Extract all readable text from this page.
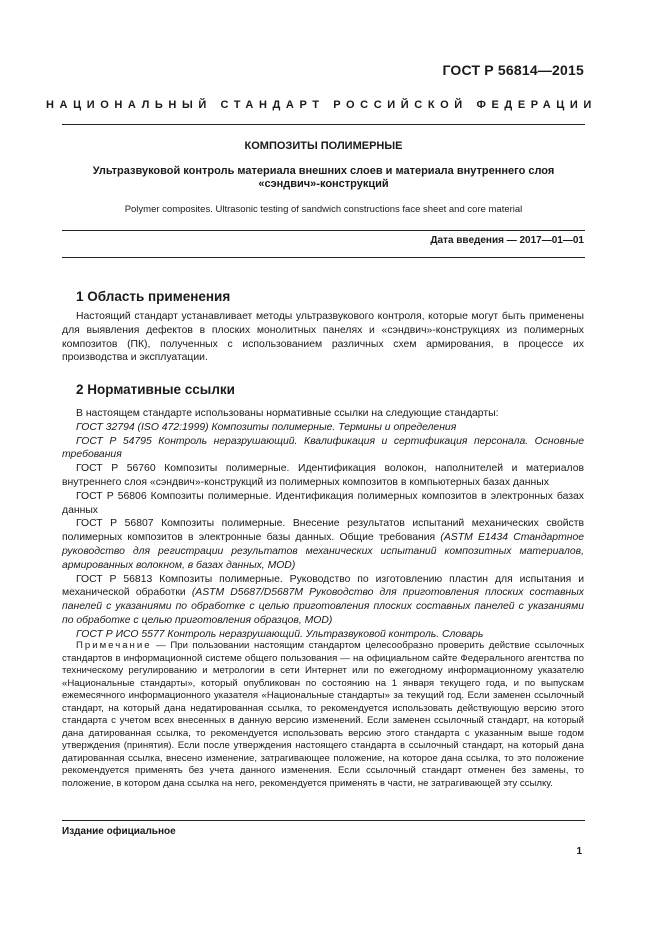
ГОСТ Р 56814—2015
НАЦИОНАЛЬНЫЙ СТАНДАРТ РОССИЙСКОЙ ФЕДЕРАЦИИ
КОМПОЗИТЫ ПОЛИМЕРНЫЕ
Ультразвуковой контроль материала внешних слоев и материала внутреннего слоя «сэндвич»-конструкций
Polymer composites. Ultrasonic testing of sandwich constructions face sheet and core material
Дата введения — 2017—01—01
1 Область применения
Настоящий стандарт устанавливает методы ультразвукового контроля, которые могут быть применены для выявления дефектов в плоских монолитных панелях и «сэндвич»-конструкциях из полимерных композитов (ПК), полученных с использованием различных схем армирования, в процессе их производства и эксплуатации.
2 Нормативные ссылки

В настоящем стандарте использованы нормативные ссылки на следующие стандарты:

ГОСТ 32794 (ISO 472:1999) Композиты полимерные. Термины и определения

ГОСТ Р 54795 Контроль неразрушающий. Квалификация и сертификация персонала. Основные требования

ГОСТ Р 56760 Композиты полимерные. Идентификация волокон, наполнителей и материалов внутреннего слоя «сэндвич»-конструкций из полимерных композитов в компьютерных базах данных

ГОСТ Р 56806 Композиты полимерные. Идентификация полимерных композитов в электронных базах данных

ГОСТ Р 56807 Композиты полимерные. Внесение результатов испытаний механических свойств полимерных композитов в электронные базы данных. Общие требования (ASTM E1434 Стандартное руководство для регистрации результатов механических испытаний композитных материалов, армированных волокном, в базах данных, MOD)

ГОСТ Р 56813 Композиты полимерные. Руководство по изготовлению пластин для испытания и механической обработки (ASTM D5687/D5687M Руководство для приготовления плоских составных панелей с указаниями по обработке с целью приготовления плоских составных панелей с указаниями по обработке с целью приготовления образцов, MOD)

ГОСТ Р ИСО 5577 Контроль неразрушающий. Ультразвуковой контроль. Словарь

Примечание — При пользовании настоящим стандартом целесообразно проверить действие ссылочных стандартов в информационной системе общего пользования — на официальном сайте Федерального агентства по техническому регулированию и метрологии в сети Интернет или по ежегодному информационному указателю «Национальные стандарты», который опубликован по состоянию на 1 января текущего года, и по выпускам ежемесячного информационного указателя «Национальные стандарты» за текущий год. Если заменен ссылочный стандарт, на который дана недатированная ссылка, то рекомендуется использовать действующую версию этого стандарта с учетом всех внесенных в данную версию изменений. Если заменен ссылочный стандарт, на который дана датированная ссылка, то рекомендуется использовать версию этого стандарта с указанным выше годом утверждения (принятия). Если после утверждения настоящего стандарта в ссылочный стандарт, на который дана датированная ссылка, внесено изменение, затрагивающее положение, на которое дана ссылка, то это положение рекомендуется применять без учета данного изменения. Если ссылочный стандарт отменен без замены, то положение, в котором дана ссылка на него, рекомендуется применять в части, не затрагивающей эту ссылку.

Издание официальное
1
